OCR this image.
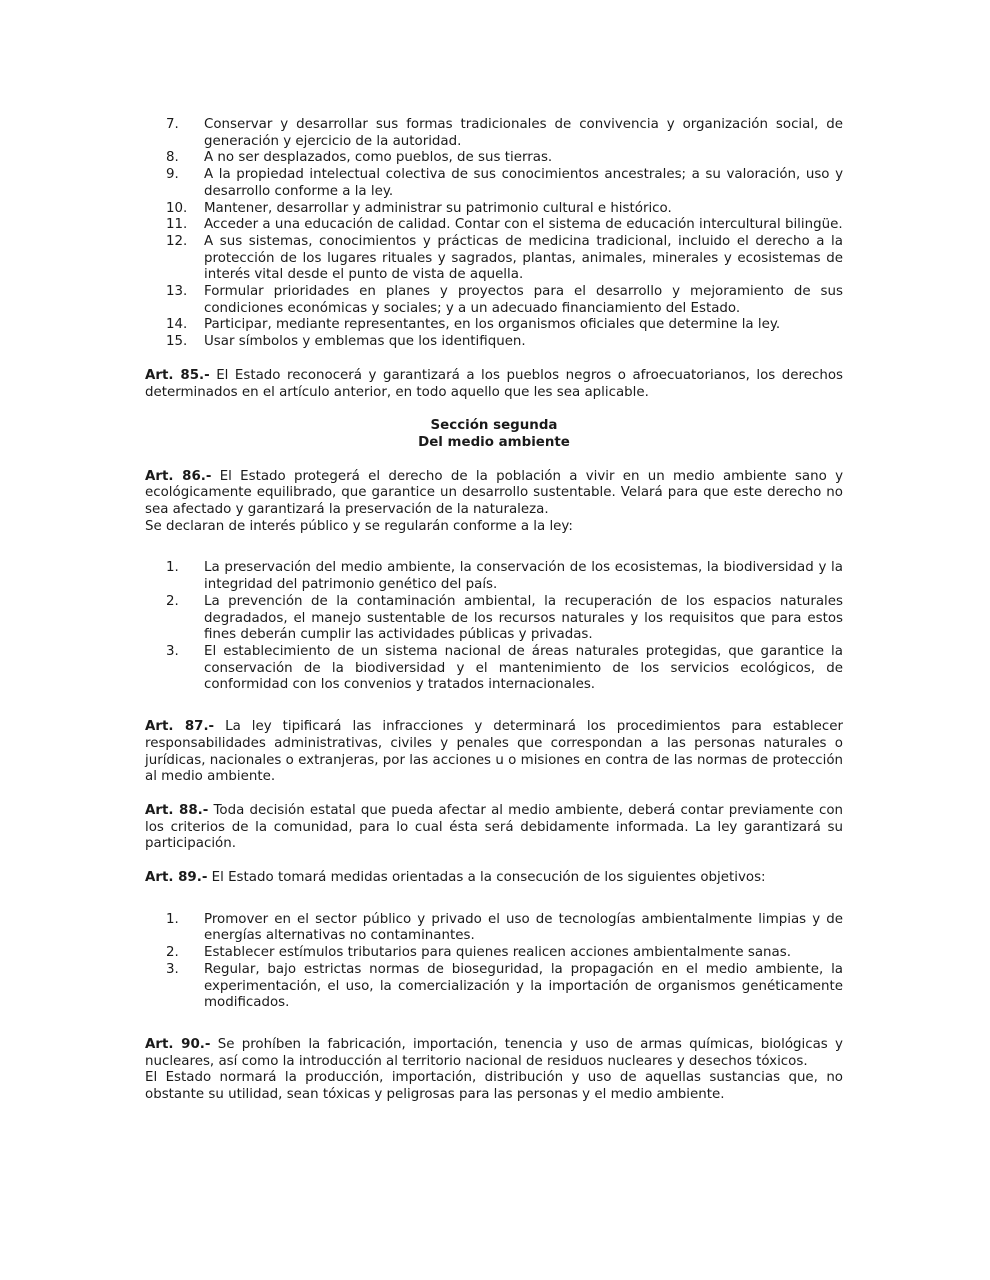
7.	Conservar y desarrollar sus formas tradicionales de convivencia y organización social, de generación y ejercicio de la autoridad.
8.	A no ser desplazados, como pueblos, de sus tierras.
9.	A la propiedad intelectual colectiva de sus conocimientos ancestrales; a su valoración, uso y desarrollo conforme a la ley.
10.	Mantener, desarrollar y administrar su patrimonio cultural e histórico.
11.	Acceder a una educación de calidad. Contar con el sistema de educación intercultural bilingüe.
12.	A sus sistemas, conocimientos y prácticas de medicina tradicional, incluido el derecho a la protección de los lugares rituales y sagrados, plantas, animales, minerales y ecosistemas de interés vital desde el punto de vista de aquella.
13.	Formular prioridades en planes y proyectos para el desarrollo y mejoramiento de sus condiciones económicas y sociales; y a un adecuado financiamiento del Estado.
14.	Participar, mediante representantes, en los organismos oficiales que determine la ley.
15.	Usar símbolos y emblemas que los identifiquen.

Art. 85.- El Estado reconocerá y garantizará a los pueblos negros o afroecuatorianos, los derechos determinados en el artículo anterior, en todo aquello que les sea aplicable.

Sección segunda

Del medio ambiente

Art. 86.- El Estado protegerá el derecho de la población a vivir en un medio ambiente sano y ecológicamente equilibrado, que garantice un desarrollo sustentable. Velará para que este derecho no sea afectado y garantizará la preservación de la naturaleza.

Se declaran de interés público y se regularán conforme a la ley:

1.	La preservación del medio ambiente, la conservación de los ecosistemas, la biodiversidad y la integridad del patrimonio genético del país.
2.	La prevención de la contaminación ambiental, la recuperación de los espacios naturales degradados, el manejo sustentable de los recursos naturales y los requisitos que para estos fines deberán cumplir las actividades públicas y privadas.
3.	El establecimiento de un sistema nacional de áreas naturales protegidas, que garantice la conservación de la biodiversidad y el mantenimiento de los servicios ecológicos, de conformidad con los convenios y tratados internacionales.

Art. 87.- La ley tipificará las infracciones y determinará los procedimientos para establecer responsabilidades administrativas, civiles y penales que correspondan a las personas naturales o jurídicas, nacionales o extranjeras, por las acciones u o misiones en contra de las normas de protección al medio ambiente.

Art. 88.- Toda decisión estatal que pueda afectar al medio ambiente, deberá contar previamente con los criterios de la comunidad, para lo cual ésta será debidamente informada. La ley garantizará su participación.

Art. 89.- El Estado tomará medidas orientadas a la consecución de los siguientes objetivos:

1.	Promover en el sector público y privado el uso de tecnologías ambientalmente limpias y de energías alternativas no contaminantes.
2.	Establecer estímulos tributarios para quienes realicen acciones ambientalmente sanas.
3.	Regular, bajo estrictas normas de bioseguridad, la propagación en el medio ambiente, la experimentación, el uso, la comercialización y la importación de organismos genéticamente modificados.

Art. 90.- Se prohíben la fabricación, importación, tenencia y uso de armas químicas, biológicas y nucleares, así como la introducción al territorio nacional de residuos nucleares y desechos tóxicos.

El Estado normará la producción, importación, distribución y uso de aquellas sustancias que, no obstante su utilidad, sean tóxicas y peligrosas para las personas y el medio ambiente.
